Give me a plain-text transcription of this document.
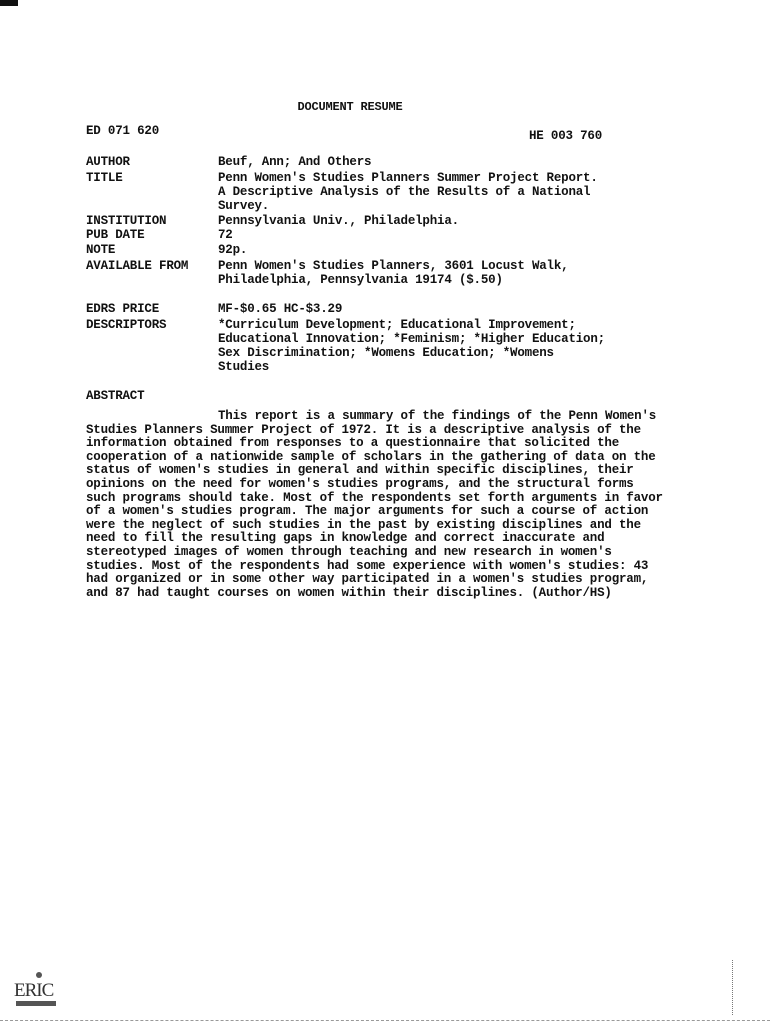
DOCUMENT RESUME
ED 071 620	HE 003 760
AUTHOR	Beuf, Ann; And Others
TITLE	Penn Women's Studies Planners Summer Project Report.
A Descriptive Analysis of the Results of a National
Survey.
INSTITUTION	Pennsylvania Univ., Philadelphia.
PUB DATE	72
NOTE	92p.
AVAILABLE FROM	Penn Women's Studies Planners, 3601 Locust Walk,
Philadelphia, Pennsylvania 19174 ($.50)
EDRS PRICE	MF-$0.65 HC-$3.29
DESCRIPTORS	*Curriculum Development; Educational Improvement;
Educational Innovation; *Feminism; *Higher Education;
Sex Discrimination; *Womens Education; *Womens
Studies
ABSTRACT
This report is a summary of the findings of the Penn Women's Studies Planners Summer Project of 1972. It is a descriptive analysis of the information obtained from responses to a questionnaire that solicited the cooperation of a nationwide sample of scholars in the gathering of data on the status of women's studies in general and within specific disciplines, their opinions on the need for women's studies programs, and the structural forms such programs should take. Most of the respondents set forth arguments in favor of a women's studies program. The major arguments for such a course of action were the neglect of such studies in the past by existing disciplines and the need to fill the resulting gaps in knowledge and correct inaccurate and stereotyped images of women through teaching and new research in women's studies. Most of the respondents had some experience with women's studies: 43 had organized or in some other way participated in a women's studies program, and 87 had taught courses on women within their disciplines. (Author/HS)
ERIC
